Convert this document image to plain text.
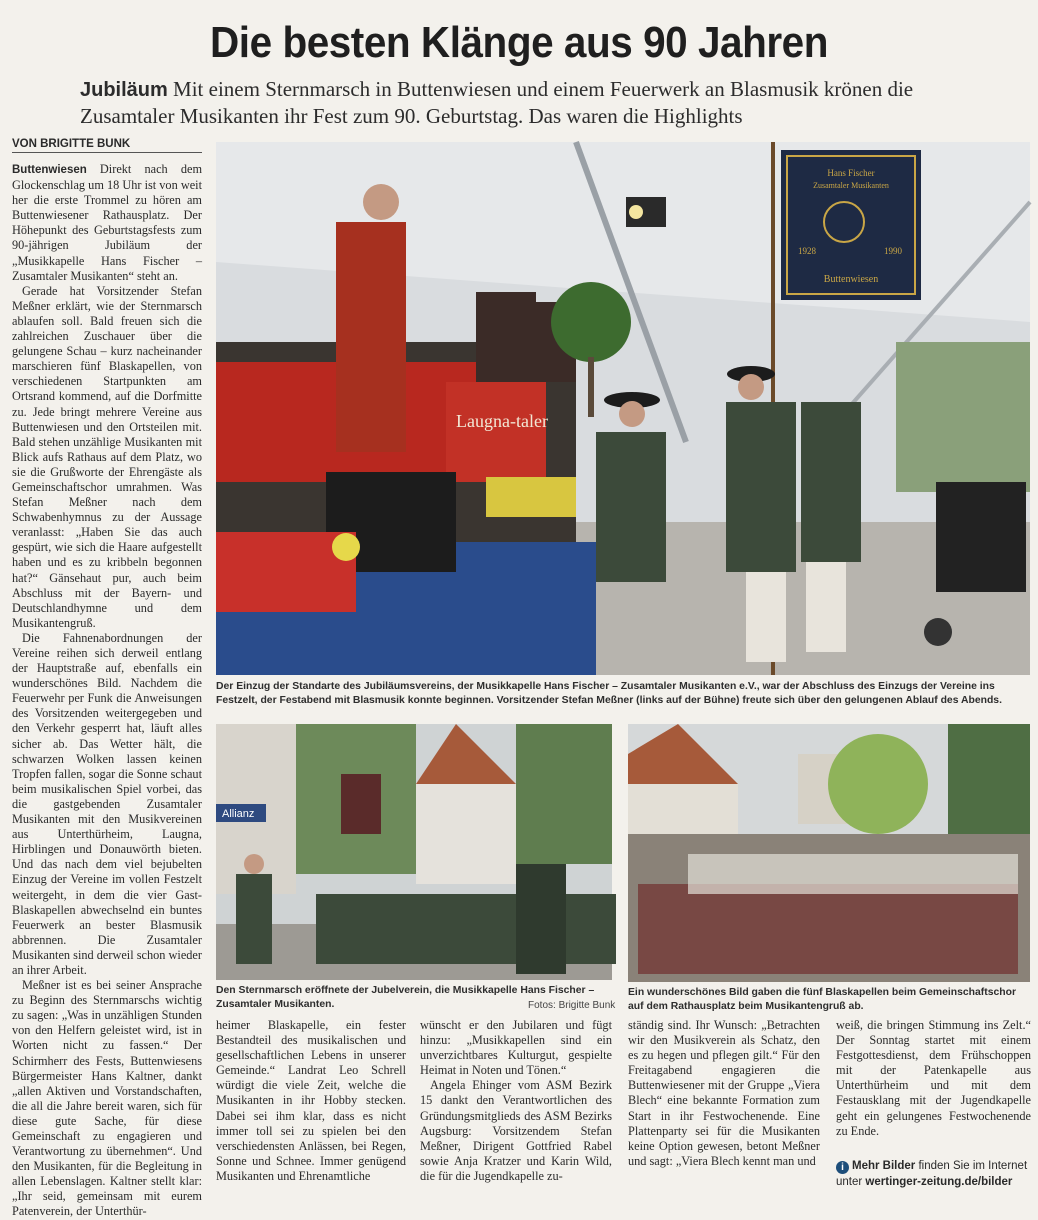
Die besten Klänge aus 90 Jahren
Jubiläum Mit einem Sternmarsch in Buttenwiesen und einem Feuerwerk an Blasmusik krönen die Zusamtaler Musikanten ihr Fest zum 90. Geburtstag. Das waren die Highlights
VON BRIGITTE BUNK

Buttenwiesen Direkt nach dem Glockenschlag um 18 Uhr ist von weit her die erste Trommel zu hören am Buttenwiesener Rathausplatz. Der Höhepunkt des Geburtstagsfests zum 90-jährigen Jubiläum der „Musikkapelle Hans Fischer – Zusamtaler Musikanten“ steht an.

Gerade hat Vorsitzender Stefan Meßner erklärt, wie der Sternmarsch ablaufen soll. Bald freuen sich die zahlreichen Zuschauer über die gelungene Schau – kurz nacheinander marschieren fünf Blaskapellen, von verschiedenen Startpunkten am Ortsrand kommend, auf die Dorfmitte zu. Jede bringt mehrere Vereine aus Buttenwiesen und den Ortsteilen mit. Bald stehen unzählige Musikanten mit Blick aufs Rathaus auf dem Platz, wo sie die Grußworte der Ehrengäste als Gemeinschaftschor umrahmen. Was Stefan Meßner nach dem Schwabenhymnus zu der Aussage veranlasst: „Haben Sie das auch gespürt, wie sich die Haare aufgestellt haben und es zu kribbeln begonnen hat?“ Gänsehaut pur, auch beim Abschluss mit der Bayern- und Deutschlandhymne und dem Musikantengruß.

Die Fahnenabordnungen der Vereine reihen sich derweil entlang der Hauptstraße auf, ebenfalls ein wunderschönes Bild. Nachdem die Feuerwehr per Funk die Anweisungen des Vorsitzenden weitergegeben und den Verkehr gesperrt hat, läuft alles sicher ab. Das Wetter hält, die schwarzen Wolken lassen keinen Tropfen fallen, sogar die Sonne schaut beim musikalischen Spiel vorbei, das die gastgebenden Zusamtaler Musikanten mit den Musikvereinen aus Unterthürheim, Laugna, Hirblingen und Donauwörth bieten. Und das nach dem viel bejubelten Einzug der Vereine im vollen Festzelt weitergeht, in dem die vier Gast-Blaskapellen abwechselnd ein buntes Feuerwerk an bester Blasmusik abbrennen. Die Zusamtaler Musikanten sind derweil schon wieder an ihrer Arbeit.

Meßner ist es bei seiner Ansprache zu Beginn des Sternmarschs wichtig zu sagen: „Was in unzähligen Stunden von den Helfern geleistet wird, ist in Worten nicht zu fassen.“ Der Schirmherr des Fests, Buttenwiesens Bürgermeister Hans Kaltner, dankt „allen Aktiven und Vorstandschaften, die all die Jahre bereit waren, sich für diese gute Sache, für diese Gemeinschaft zu engagieren und Verantwortung zu übernehmen“. Und den Musikanten, für die Begleitung in allen Lebenslagen. Kaltner stellt klar: „Ihr seid, gemeinsam mit eurem Patenverein, der Unterthür-

Laugna-taler
Hans Fischer
Zusamtaler Musikanten
1928	1990
Buttenwiesen
Der Einzug der Standarte des Jubiläumsvereins, der Musikkapelle Hans Fischer – Zusamtaler Musikanten e.V., war der Abschluss des Einzugs der Vereine ins Festzelt, der Festabend mit Blasmusik konnte beginnen. Vorsitzender Stefan Meßner (links auf der Bühne) freute sich über den gelungenen Ablauf des Abends.
Allianz
Den Sternmarsch eröffnete der Jubelverein, die Musikkapelle Hans Fischer – Zusamtaler Musikanten.	Fotos: Brigitte Bunk
Ein wunderschönes Bild gaben die fünf Blaskapellen beim Gemeinschaftschor auf dem Rathausplatz beim Musikantengruß ab.

heimer Blaskapelle, ein fester Bestandteil des musikalischen und gesellschaftlichen Lebens in unserer Gemeinde.“ Landrat Leo Schrell würdigt die viele Zeit, welche die Musikanten in ihr Hobby stecken. Dabei sei ihm klar, dass es nicht immer toll sei zu spielen bei den verschiedensten Anlässen, bei Regen, Sonne und Schnee. Immer genügend Musikanten und Ehrenamtliche

wünscht er den Jubilaren und fügt hinzu: „Musikkapellen sind ein unverzichtbares Kulturgut, gespielte Heimat in Noten und Tönen.“

Angela Ehinger vom ASM Bezirk 15 dankt den Verantwortlichen des Gründungsmitglieds des ASM Bezirks Augsburg: Vorsitzendem Stefan Meßner, Dirigent Gottfried Rabel sowie Anja Kratzer und Karin Wild, die für die Jugendkapelle zu-

ständig sind. Ihr Wunsch: „Betrachten wir den Musikverein als Schatz, den es zu hegen und pflegen gilt.“ Für den Freitagabend engagieren die Buttenwiesener mit der Gruppe „Viera Blech“ eine bekannte Formation zum Start in ihr Festwochenende. Eine Plattenparty sei für die Musikanten keine Option gewesen, betont Meßner und sagt: „Viera Blech kennt man und

weiß, die bringen Stimmung ins Zelt.“ Der Sonntag startet mit einem Festgottesdienst, dem Frühschoppen mit der Patenkapelle aus Unterthürheim und mit dem Festausklang mit der Jugendkapelle geht ein gelungenes Festwochenende zu Ende.

i Mehr Bilder finden Sie im Internet unter wertinger-zeitung.de/bilder
